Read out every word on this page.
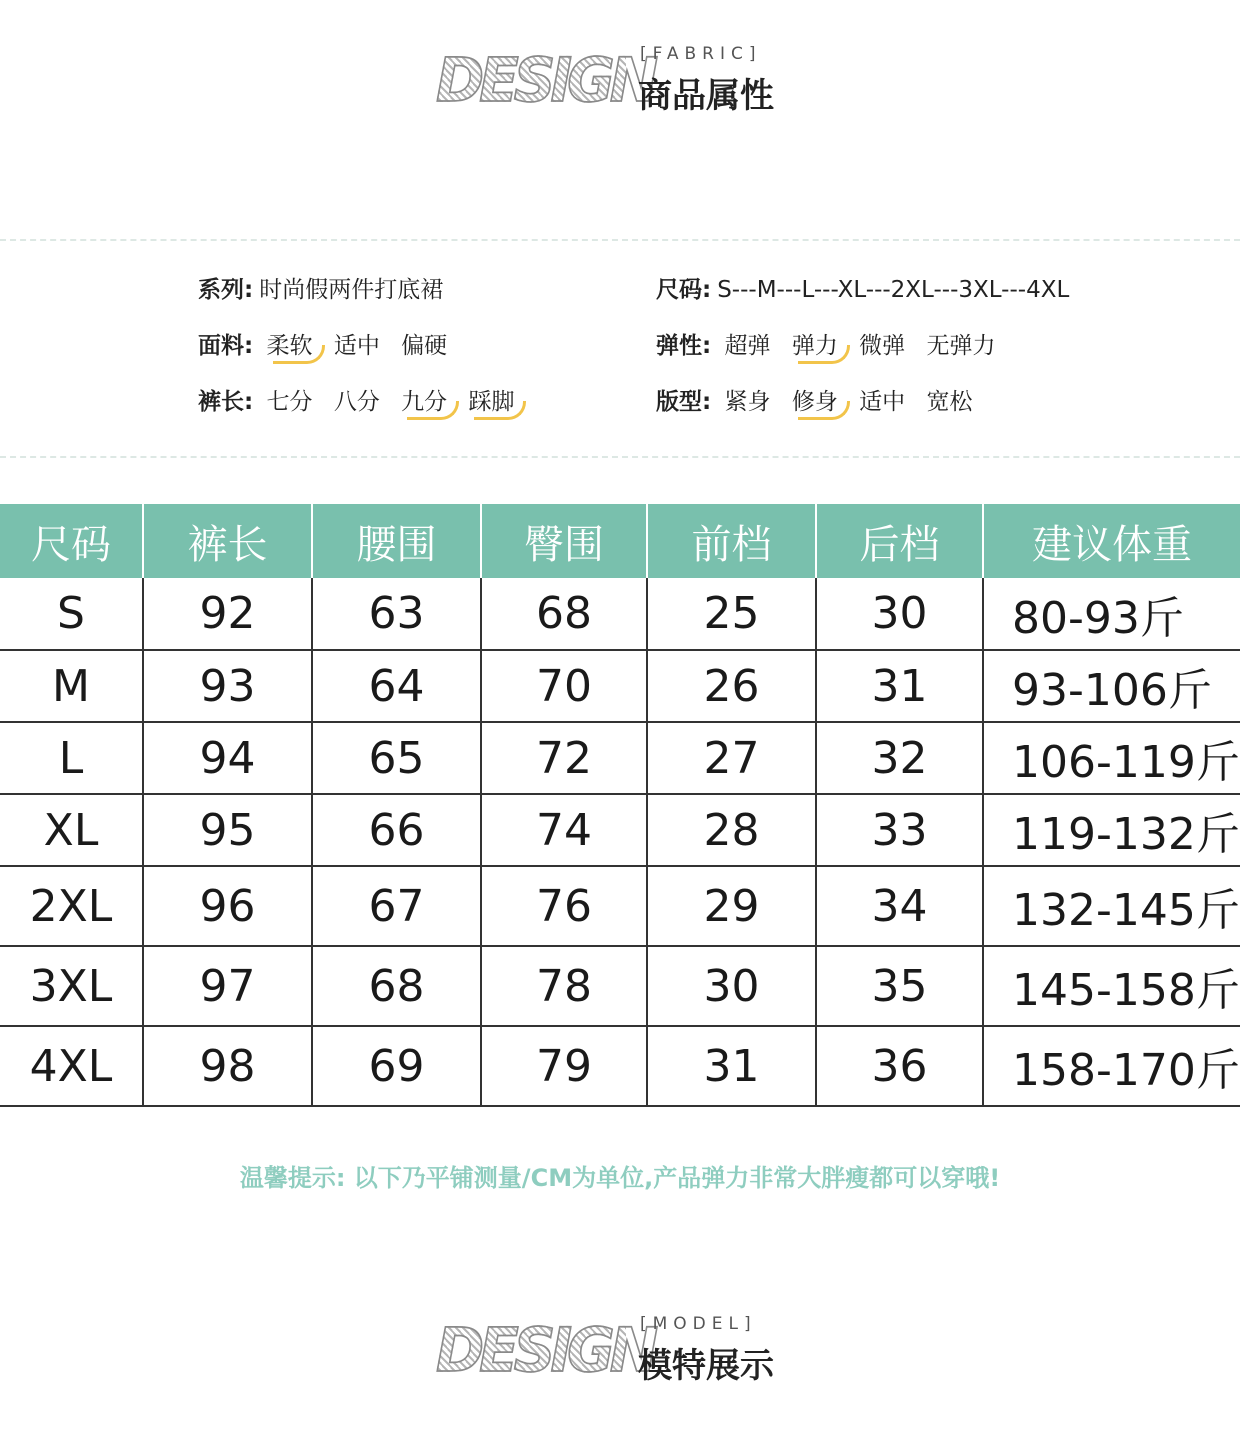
DESIGN
[FABRIC]
商品属性
系列: 时尚假两件打底裙	尺码: S---M---L---XL---2XL---3XL---4XL
面料: 柔软 适中 偏硬	弹性: 超弹 弹力 微弹 无弹力
裤长: 七分 八分 九分 踩脚	版型: 紧身 修身 适中 宽松
尺码	裤长	腰围	臀围	前档	后档	建议体重
S	92	63	68	25	30	80-93斤
M	93	64	70	26	31	93-106斤
L	94	65	72	27	32	106-119斤
XL	95	66	74	28	33	119-132斤
2XL	96	67	76	29	34	132-145斤
3XL	97	68	78	30	35	145-158斤
4XL	98	69	79	31	36	158-170斤
温馨提示: 以下乃平铺测量/CM为单位,产品弹力非常大胖瘦都可以穿哦!
DESIGN
[MODEL]
模特展示
